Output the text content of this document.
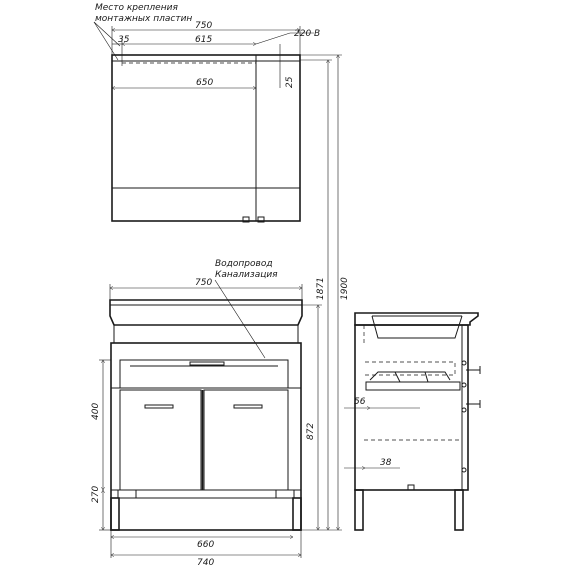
750
35	615
650	25
220 В
Место крепления
монтажных пластин
750
Водопровод
Канализация
400
270
660
740
872
1871 1900
56
38
